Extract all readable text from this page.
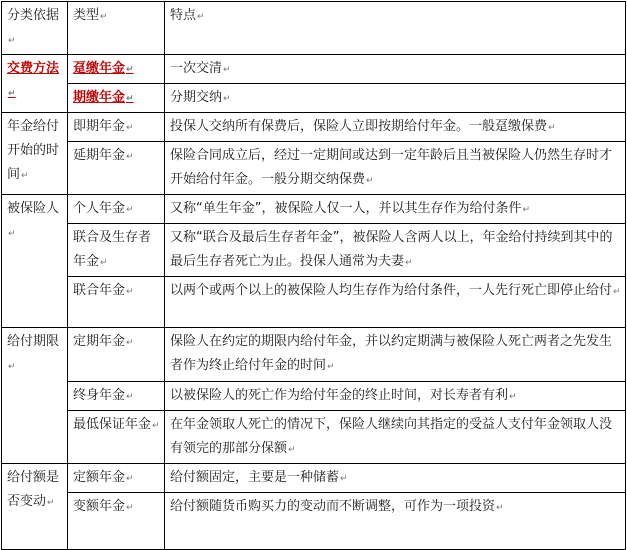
分类依据↵	类型↵	特点↵
交费方法↵	趸缴年金↵	一次交清↵
	期缴年金↵	分期交纳↵
年金给付开始的时间↵	即期年金↵	投保人交纳所有保费后，保险人立即按期给付年金。一般趸缴保费↵
	延期年金↵	保险合同成立后，经过一定期间或达到一定年龄后且当被保险人仍然生存时才开始给付年金。一般分期交纳保费↵
被保险人↵	个人年金↵	又称“单生年金”，被保险人仅一人，并以其生存作为给付条件↵
	联合及生存者年金↵	又称“联合及最后生存者年金”，被保险人含两人以上，年金给付持续到其中的最后生存者死亡为止。投保人通常为夫妻↵
	联合年金↵	以两个或两个以上的被保险人均生存作为给付条件，一人先行死亡即停止给付↵
给付期限↵	定期年金↵	保险人在约定的期限内给付年金，并以约定期满与被保险人死亡两者之先发生者作为终止给付年金的时间↵
	终身年金↵	以被保险人的死亡作为给付年金的终止时间，对长寿者有利↵
	最低保证年金↵	在年金领取人死亡的情况下，保险人继续向其指定的受益人支付年金领取人没有领完的那部分保额↵
给付额是否变动↵	定额年金↵	给付额固定，主要是一种储蓄↵
	变额年金↵	给付额随货币购买力的变动而不断调整，可作为一项投资↵
